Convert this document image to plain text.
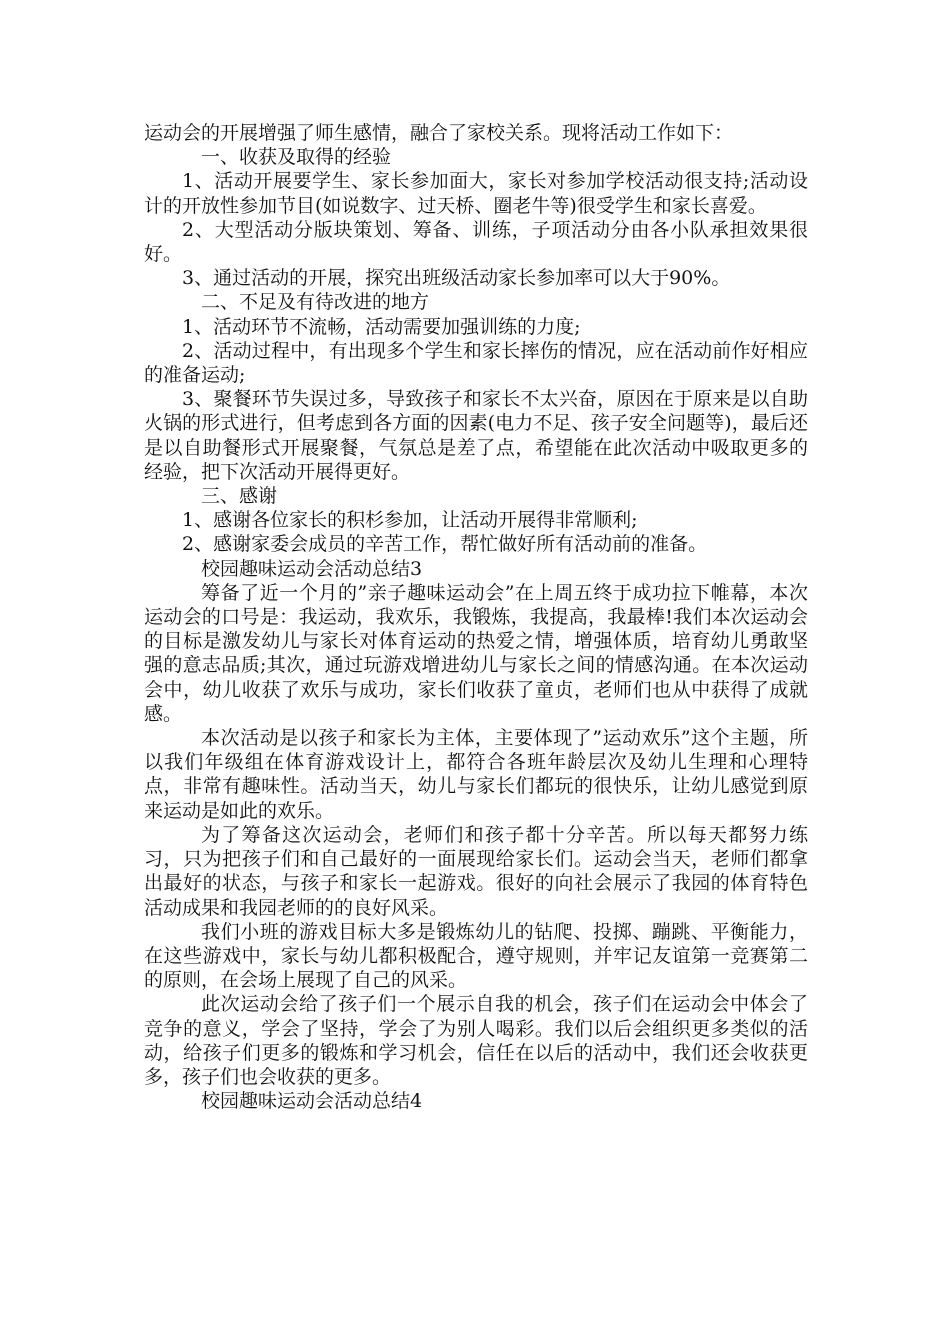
运动会的开展增强了师生感情，融合了家校关系。现将活动工作如下：

一、收获及取得的经验

1、活动开展要学生、家长参加面大，家长对参加学校活动很支持;活动设计的开放性参加节目(如说数字、过天桥、圈老牛等)很受学生和家长喜爱。

2、大型活动分版块策划、筹备、训练，子项活动分由各小队承担效果很好。

3、通过活动的开展，探究出班级活动家长参加率可以大于90%。

二、不足及有待改进的地方

1、活动环节不流畅，活动需要加强训练的力度;

2、活动过程中，有出现多个学生和家长摔伤的情况，应在活动前作好相应的准备运动;

3、聚餐环节失误过多，导致孩子和家长不太兴奋，原因在于原来是以自助火锅的形式进行，但考虑到各方面的因素(电力不足、孩子安全问题等)，最后还是以自助餐形式开展聚餐，气氛总是差了点，希望能在此次活动中吸取更多的经验，把下次活动开展得更好。

三、感谢

1、感谢各位家长的积杉参加，让活动开展得非常顺利;

2、感谢家委会成员的辛苦工作，帮忙做好所有活动前的准备。

校园趣味运动会活动总结3

筹备了近一个月的”亲子趣味运动会”在上周五终于成功拉下帷幕，本次运动会的口号是：我运动，我欢乐，我锻炼，我提高，我最棒!我们本次运动会的目标是激发幼儿与家长对体育运动的热爱之情，增强体质，培育幼儿勇敢坚强的意志品质;其次，通过玩游戏增进幼儿与家长之间的情感沟通。在本次运动会中，幼儿收获了欢乐与成功，家长们收获了童贞，老师们也从中获得了成就感。

本次活动是以孩子和家长为主体，主要体现了”运动欢乐”这个主题，所以我们年级组在体育游戏设计上，都符合各班年龄层次及幼儿生理和心理特点，非常有趣味性。活动当天，幼儿与家长们都玩的很快乐，让幼儿感觉到原来运动是如此的欢乐。

为了筹备这次运动会，老师们和孩子都十分辛苦。所以每天都努力练习，只为把孩子们和自己最好的一面展现给家长们。运动会当天，老师们都拿出最好的状态，与孩子和家长一起游戏。很好的向社会展示了我园的体育特色活动成果和我园老师的的良好风采。

我们小班的游戏目标大多是锻炼幼儿的钻爬、投掷、蹦跳、平衡能力，在这些游戏中，家长与幼儿都积极配合，遵守规则，并牢记友谊第一竞赛第二的原则，在会场上展现了自己的风采。

此次运动会给了孩子们一个展示自我的机会，孩子们在运动会中体会了竞争的意义，学会了坚持，学会了为别人喝彩。我们以后会组织更多类似的活动，给孩子们更多的锻炼和学习机会，信任在以后的活动中，我们还会收获更多，孩子们也会收获的更多。

校园趣味运动会活动总结4
